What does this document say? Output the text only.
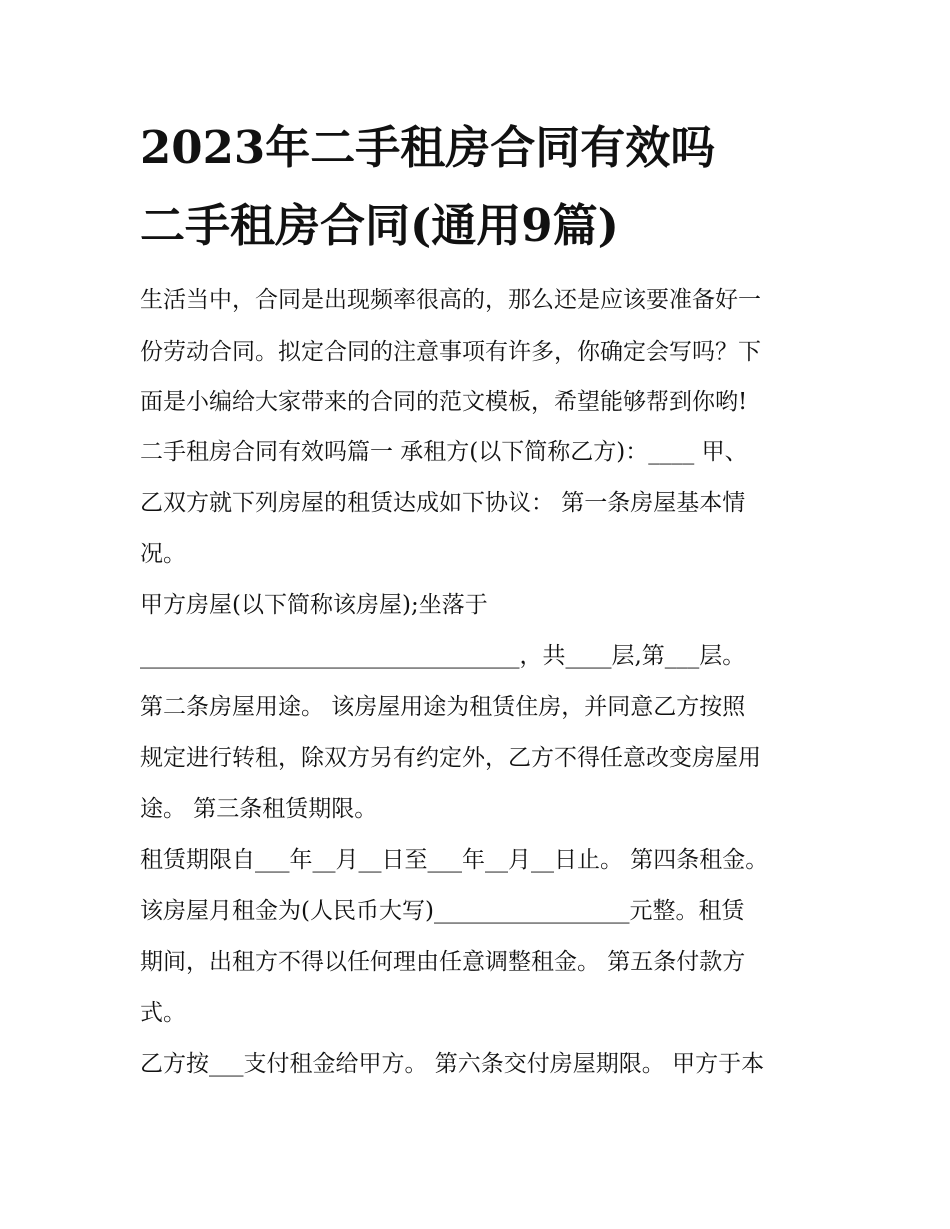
2023年二手租房合同有效吗
二手租房合同(通用9篇)

生活当中，合同是出现频率很高的，那么还是应该要准备好一

份劳动合同。拟定合同的注意事项有许多，你确定会写吗？下

面是小编给大家带来的合同的范文模板，希望能够帮到你哟!

二手租房合同有效吗篇一 承租方(以下简称乙方)：____ 甲、

乙双方就下列房屋的租赁达成如下协议： 第一条房屋基本情

况。

甲方房屋(以下简称该房屋);坐落于

_________________________________，共____层,第___层。

第二条房屋用途。 该房屋用途为租赁住房，并同意乙方按照

规定进行转租，除双方另有约定外，乙方不得任意改变房屋用

途。 第三条租赁期限。

租赁期限自___年__月__日至___年__月__日止。 第四条租金。

该房屋月租金为(人民币大写)_________________元整。租赁

期间，出租方不得以任何理由任意调整租金。 第五条付款方

式。

乙方按___支付租金给甲方。 第六条交付房屋期限。 甲方于本
